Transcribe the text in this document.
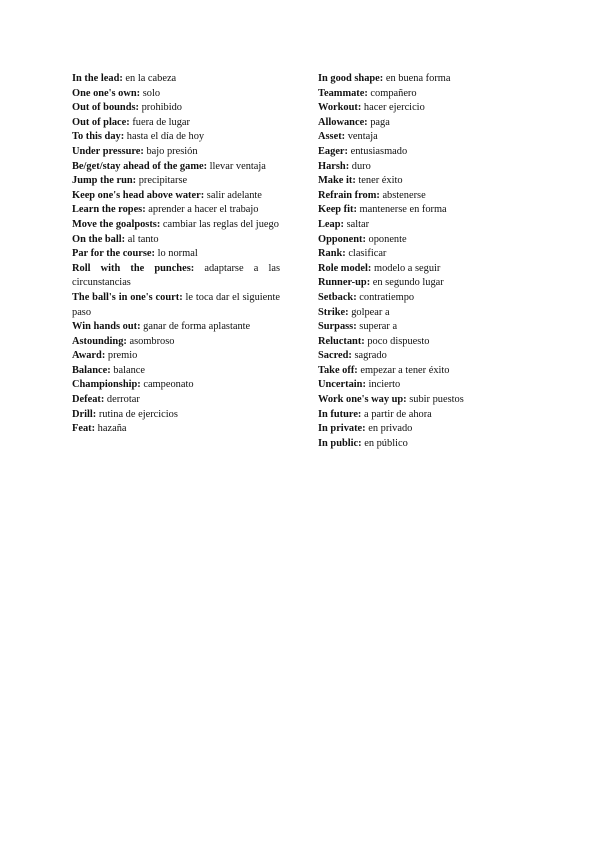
In the lead: en la cabeza

One one's own: solo

Out of bounds: prohibido

Out of place: fuera de lugar

To this day: hasta el día de hoy

Under pressure: bajo presión

Be/get/stay ahead of the game: llevar ventaja

Jump the run: precipitarse

Keep one's head above water: salir adelante

Learn the ropes: aprender a hacer el trabajo

Move the goalposts: cambiar las reglas del juego

On the ball: al tanto

Par for the course: lo normal

Roll with the punches: adaptarse a las circunstancias

The ball's in one's court: le toca dar el siguiente paso

Win hands out: ganar de forma aplastante

Astounding: asombroso

Award: premio

Balance: balance

Championship: campeonato

Defeat: derrotar

Drill: rutina de ejercicios

Feat: hazaña

In good shape: en buena forma

Teammate: compañero

Workout: hacer ejercicio

Allowance: paga

Asset: ventaja

Eager: entusiasmado

Harsh: duro

Make it: tener éxito

Refrain from: abstenerse

Keep fit: mantenerse en forma

Leap: saltar

Opponent: oponente

Rank: clasificar

Role model: modelo a seguir

Runner-up: en segundo lugar

Setback: contratiempo

Strike: golpear a

Surpass: superar a

Reluctant: poco dispuesto

Sacred: sagrado

Take off: empezar a tener éxito

Uncertain: incierto

Work one's way up: subir puestos

In future: a partir de ahora

In private: en privado

In public: en público
